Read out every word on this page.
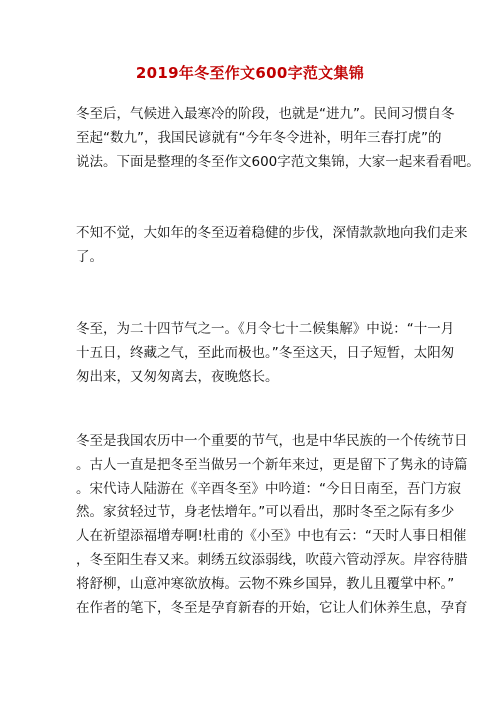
2019年冬至作文600字范文集锦

冬至后，气候进入最寒冷的阶段，也就是“进九”。民间习惯自冬
至起“数九”，我国民谚就有“今年冬令进补，明年三春打虎”的
说法。下面是整理的冬至作文600字范文集锦，大家一起来看看吧。

不知不觉，大如年的冬至迈着稳健的步伐，深情款款地向我们走来
了。

冬至，为二十四节气之一。《月令七十二候集解》中说：“十一月
十五日，终藏之气，至此而极也。”冬至这天，日子短暂，太阳匆
匆出来，又匆匆离去，夜晚悠长。

冬至是我国农历中一个重要的节气，也是中华民族的一个传统节日
。古人一直是把冬至当做另一个新年来过，更是留下了隽永的诗篇
。宋代诗人陆游在《辛酉冬至》中吟道：“今日日南至，吾门方寂
然。家贫轻过节，身老怯增年。”可以看出，那时冬至之际有多少
人在祈望添福增寿啊!杜甫的《小至》中也有云：“天时人事日相催
，冬至阳生春又来。刺绣五纹添弱线，吹葭六管动浮灰。岸容待腊
将舒柳，山意冲寒欲放梅。云物不殊乡国异，教儿且覆掌中杯。”
在作者的笔下，冬至是孕育新春的开始，它让人们休养生息，孕育
